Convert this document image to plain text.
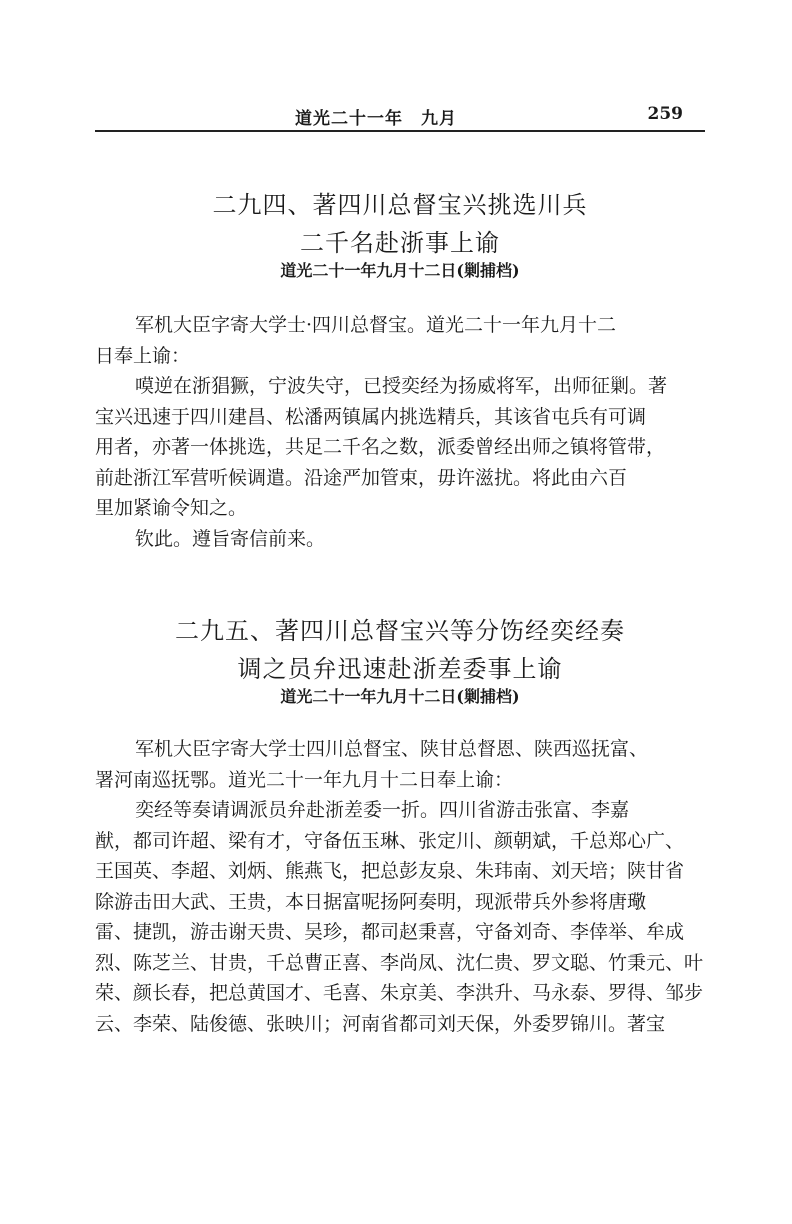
道光二十一年　九月	259
二九四、著四川总督宝兴挑选川兵
二千名赴浙事上谕
道光二十一年九月十二日(剿捕档)
军机大臣字寄大学士·四川总督宝。道光二十一年九月十二
日奉上谕：
嗼逆在浙猖獗，宁波失守，已授奕经为扬威将军，出师征剿。著
宝兴迅速于四川建昌、松潘两镇属内挑选精兵，其该省屯兵有可调
用者，亦著一体挑选，共足二千名之数，派委曾经出师之镇将管带，
前赴浙江军营听候调遣。沿途严加管束，毋许滋扰。将此由六百
里加紧谕令知之。
钦此。遵旨寄信前来。
二九五、著四川总督宝兴等分饬经奕经奏
调之员弁迅速赴浙差委事上谕
道光二十一年九月十二日(剿捕档)
军机大臣字寄大学士四川总督宝、陕甘总督恩、陕西巡抚富、
署河南巡抚鄂。道光二十一年九月十二日奉上谕：
奕经等奏请调派员弁赴浙差委一折。四川省游击张富、李嘉
猷，都司许超、梁有才，守备伍玉琳、张定川、颜朝斌，千总郑心广、
王国英、李超、刘炳、熊燕飞，把总彭友泉、朱玮南、刘天培；陕甘省
除游击田大武、王贵，本日据富呢扬阿奏明，现派带兵外参将唐璥
雷、捷凯，游击谢天贵、吴珍，都司赵秉喜，守备刘奇、李倖举、牟成
烈、陈芝兰、甘贵，千总曹正喜、李尚凤、沈仁贵、罗文聪、竹秉元、叶
荣、颜长春，把总黄国才、毛喜、朱京美、李洪升、马永泰、罗得、邹步
云、李荣、陆俊德、张映川；河南省都司刘天保，外委罗锦川。著宝
